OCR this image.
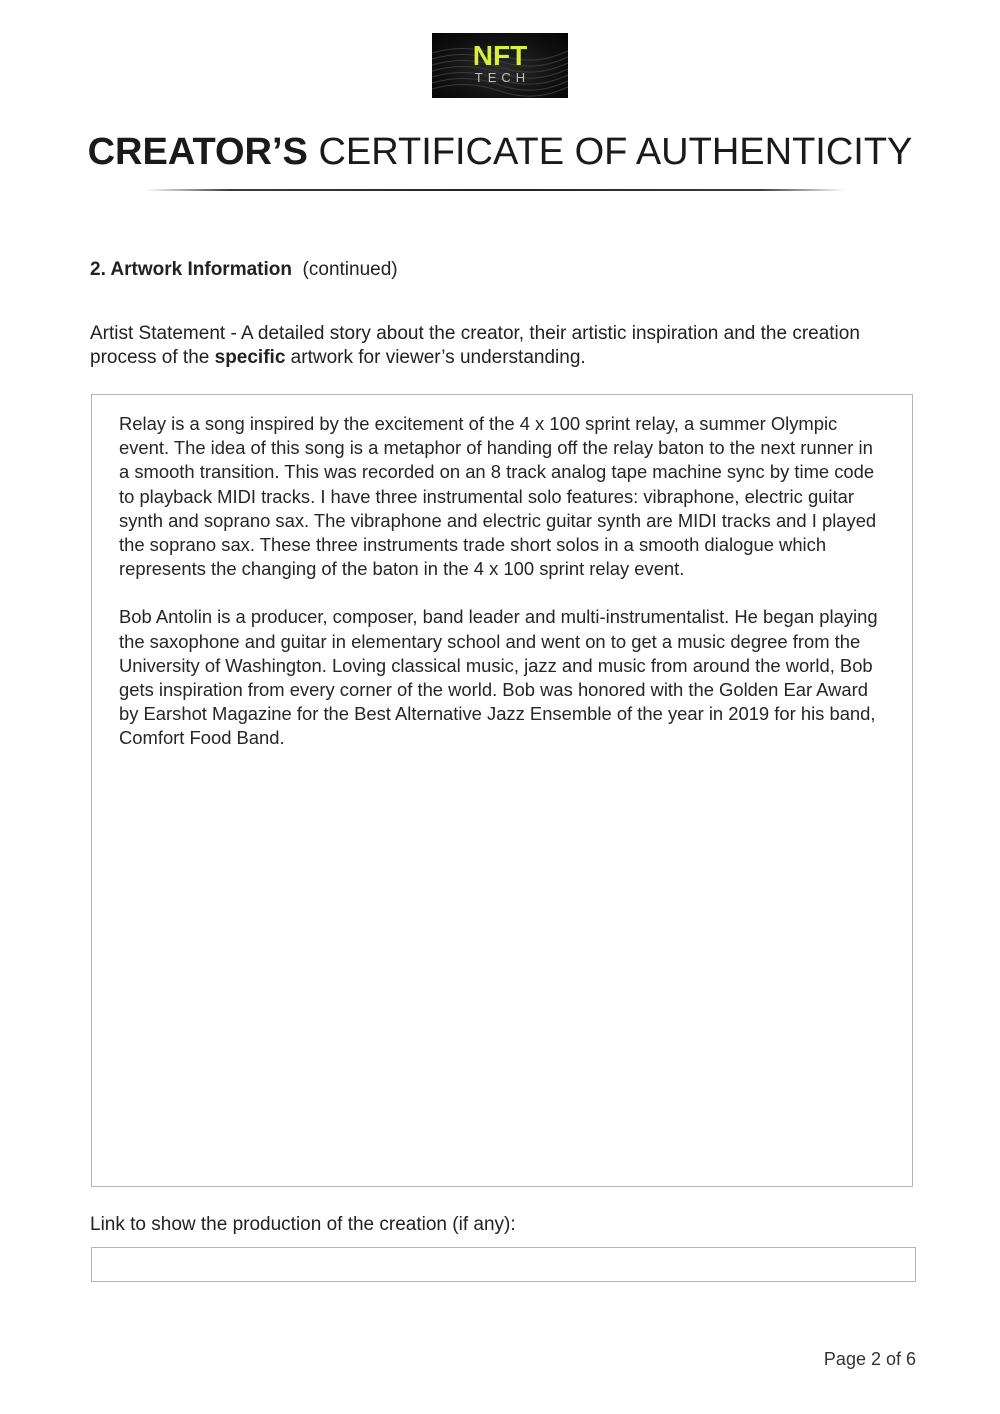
NFT
TECH
CREATOR’S CERTIFICATE OF AUTHENTICITY
2. Artwork Information (continued)
Artist Statement - A detailed story about the creator, their artistic inspiration and the creation process of the specific artwork for viewer’s understanding.

Relay is a song inspired by the excitement of the 4 x 100 sprint relay, a summer Olympic event. The idea of this song is a metaphor of handing off the relay baton to the next runner in a smooth transition. This was recorded on an 8 track analog tape machine sync by time code to playback MIDI tracks. I have three instrumental solo features: vibraphone, electric guitar synth and soprano sax. The vibraphone and electric guitar synth are MIDI tracks and I played the soprano sax. These three instruments trade short solos in a smooth dialogue which represents the changing of the baton in the 4 x 100 sprint relay event.

Bob Antolin is a producer, composer, band leader and multi-instrumentalist. He began playing the saxophone and guitar in elementary school and went on to get a music degree from the University of Washington. Loving classical music, jazz and music from around the world, Bob gets inspiration from every corner of the world. Bob was honored with the Golden Ear Award by Earshot Magazine for the Best Alternative Jazz Ensemble of the year in 2019 for his band, Comfort Food Band.

Link to show the production of the creation (if any):
Page 2 of 6
